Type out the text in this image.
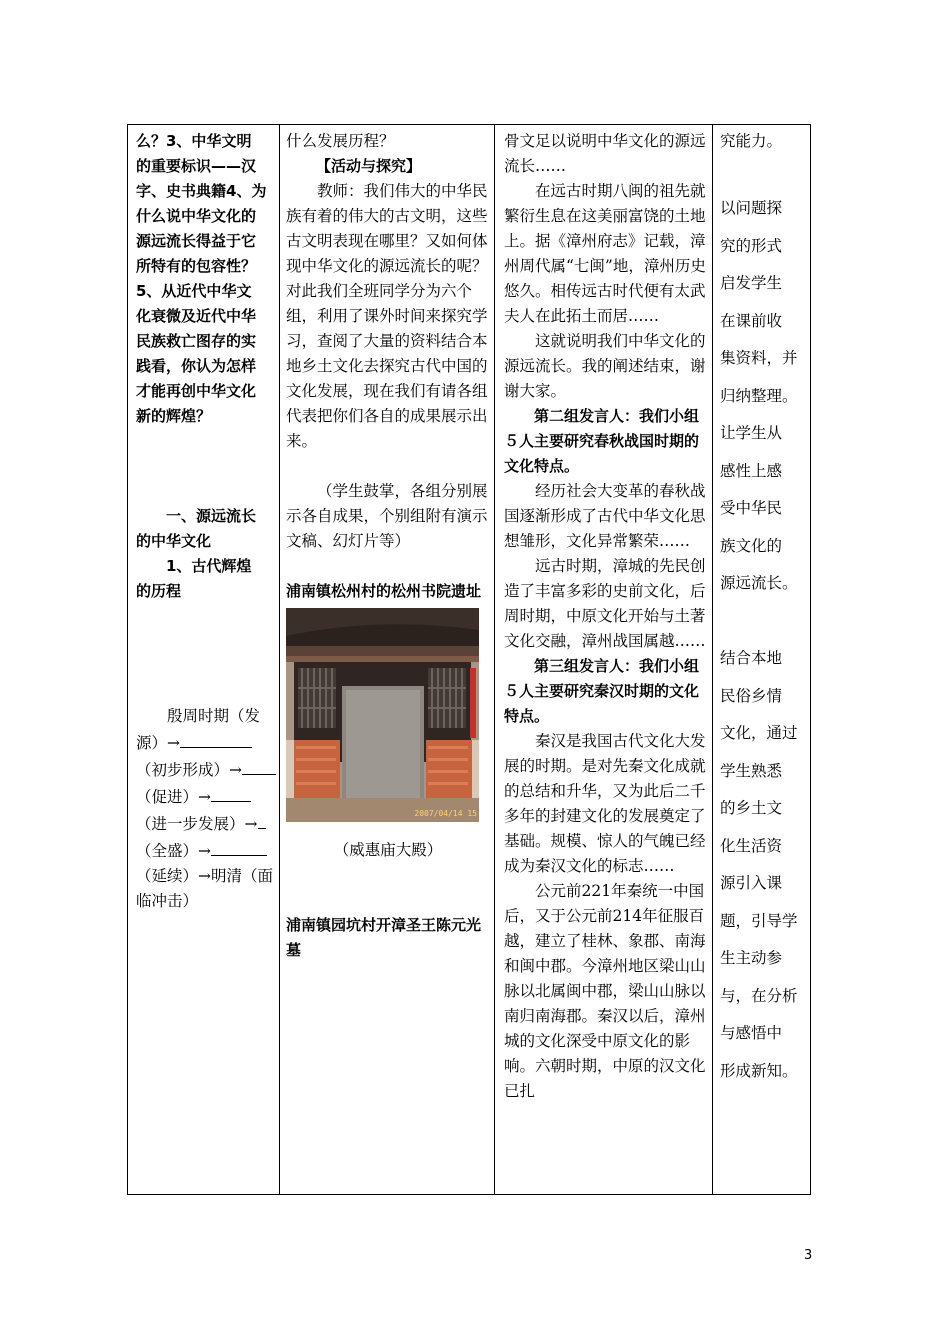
么？3、中华文明

的重要标识——汉

字、史书典籍4、为

什么说中华文化的

源远流长得益于它

所特有的包容性？

5、从近代中华文

化衰微及近代中华

民族救亡图存的实

践看，你认为怎样

才能再创中华文化

新的辉煌？

一、源远流长

的中华文化

1、古代辉煌

的历程

殷周时期（发源）→（初步形成）→（促进）→（进一步发展）→（全盛）→（延续）→明清（面临冲击）

什么发展历程？

【活动与探究】

教师：我们伟大的中华民族有着的伟大的古文明，这些古文明表现在哪里？又如何体现中华文化的源远流长的呢？对此我们全班同学分为六个组，利用了课外时间来探究学习，查阅了大量的资料结合本地乡土文化去探究古代中国的文化发展，现在我们有请各组代表把你们各自的成果展示出来。

（学生鼓掌，各组分别展示各自成果，个别组附有演示文稿、幻灯片等）

浦南镇松州村的松州书院遗址

2007/04/14 15

（威惠庙大殿）

浦南镇园坑村开漳圣王陈元光墓

骨文足以说明中华文化的源远流长……

在远古时期八闽的祖先就繁衍生息在这美丽富饶的土地上。据《漳州府志》记载，漳州周代属“七闽”地，漳州历史悠久。相传远古时代便有太武夫人在此拓土而居……

这就说明我们中华文化的源远流长。我的阐述结束，谢谢大家。

第二组发言人：我们小组５人主要研究春秋战国时期的文化特点。

经历社会大变革的春秋战国逐渐形成了古代中华文化思想雏形，文化异常繁荣……

远古时期，漳城的先民创造了丰富多彩的史前文化，后周时期，中原文化开始与土著文化交融，漳州战国属越……

第三组发言人：我们小组５人主要研究秦汉时期的文化特点。

秦汉是我国古代文化大发展的时期。是对先秦文化成就的总结和升华，又为此后二千多年的封建文化的发展奠定了基础。规模、惊人的气魄已经成为秦汉文化的标志……

公元前221年秦统一中国后，又于公元前214年征服百越，建立了桂林、象郡、南海和闽中郡。今漳州地区梁山山脉以北属闽中郡，梁山山脉以南归南海郡。秦汉以后，漳州城的文化深受中原文化的影响。六朝时期，中原的汉文化已扎

究能力。

以问题探

究的形式

启发学生

在课前收

集资料，并

归纳整理。

让学生从

感性上感

受中华民

族文化的

源远流长。

结合本地

民俗乡情

文化，通过

学生熟悉

的乡土文

化生活资

源引入课

题，引导学

生主动参

与，在分析

与感悟中

形成新知。

3
